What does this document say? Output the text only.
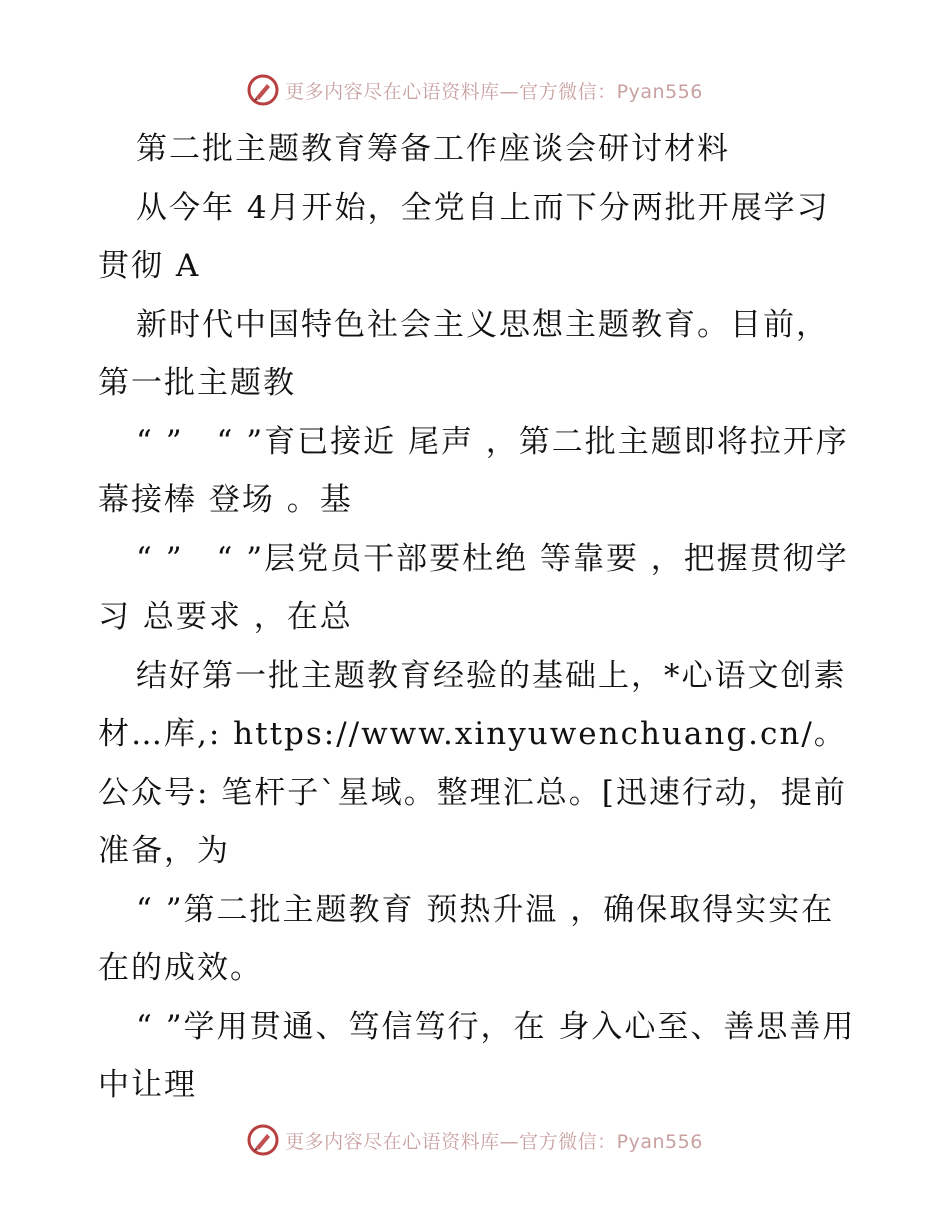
更多内容尽在心语资料库—官方微信：Pyan556

第二批主题教育筹备工作座谈会研讨材料

从今年 4月开始，全党自上而下分两批开展学习贯彻 A

新时代中国特色社会主义思想主题教育。目前，第一批主题教

“ ”　“ ”育已接近 尾声 ，第二批主题即将拉开序幕接棒 登场 。基

“ ”　“ ”层党员干部要杜绝 等靠要 ，把握贯彻学习 总要求 ，在总

结好第一批主题教育经验的基础上，*心语文创素材…库,: https://www.xinyuwenchuang.cn/。公众号: 笔杆子`星域。整理汇总。[迅速行动，提前准备，为

“ ”第二批主题教育 预热升温 ，确保取得实实在在的成效。

“ ”学用贯通、笃信笃行，在 身入心至、善思善用 中让理

更多内容尽在心语资料库—官方微信：Pyan556
